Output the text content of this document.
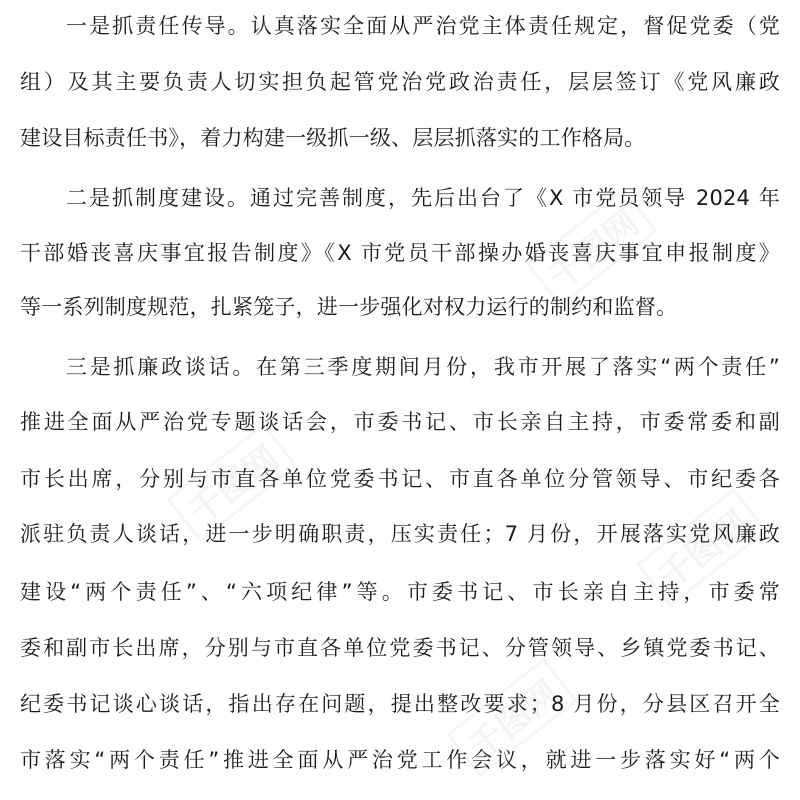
千图网
千图网
千图网
千图网
一是抓责任传导。认真落实全面从严治党主体责任规定，督促党委（党
组）及其主要负责人切实担负起管党治党政治责任，层层签订《党风廉政
建设目标责任书》，着力构建一级抓一级、层层抓落实的工作格局。
二是抓制度建设。通过完善制度，先后出台了《X 市党员领导 2024 年
干部婚丧喜庆事宜报告制度》《X 市党员干部操办婚丧喜庆事宜申报制度》
等一系列制度规范，扎紧笼子，进一步强化对权力运行的制约和监督。
三是抓廉政谈话。在第三季度期间月份，我市开展了落实“两个责任”
推进全面从严治党专题谈话会，市委书记、市长亲自主持，市委常委和副
市长出席，分别与市直各单位党委书记、市直各单位分管领导、市纪委各
派驻负责人谈话，进一步明确职责，压实责任；7 月份，开展落实党风廉政
建设“两个责任”、“六项纪律”等。市委书记、市长亲自主持，市委常
委和副市长出席，分别与市直各单位党委书记、分管领导、乡镇党委书记、
纪委书记谈心谈话，指出存在问题，提出整改要求；8 月份，分县区召开全
市落实“两个责任”推进全面从严治党工作会议，就进一步落实好“两个
